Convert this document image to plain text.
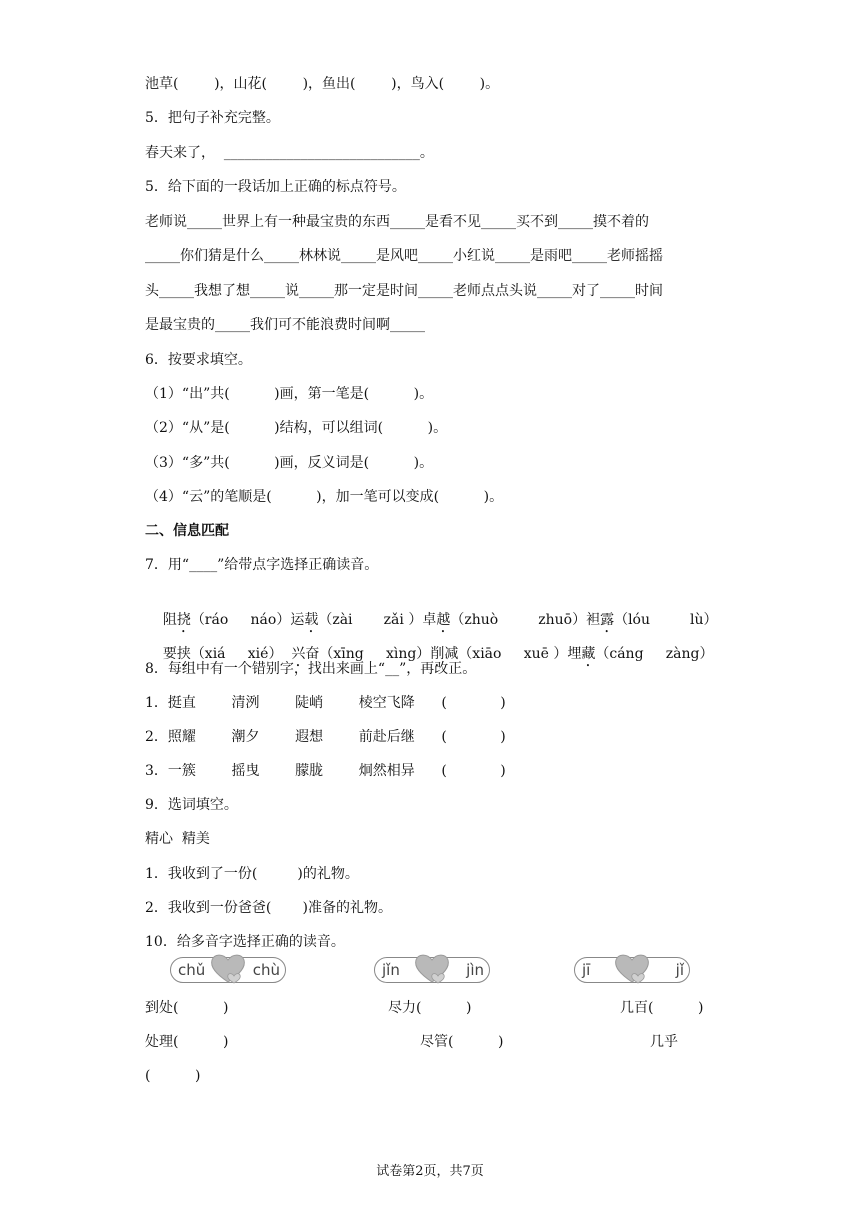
池草(        )，山花(        )，鱼出(        )，鸟入(        )。
5．把句子补充完整。
春天来了，  ____________________________。
5．给下面的一段话加上正确的标点符号。
老师说_____世界上有一种最宝贵的东西_____是看不见_____买不到_____摸不着的
_____你们猜是什么_____林林说_____是风吧_____小红说_____是雨吧_____老师摇摇
头_____我想了想_____说_____那一定是时间_____老师点点头说_____对了_____时间
是最宝贵的_____我们可不能浪费时间啊_____
6．按要求填空。
（1）“出”共(          )画，第一笔是(          )。
（2）“从”是(          )结构，可以组词(          )。
（3）“多”共(          )画，反义词是(          )。
（4）“云”的笔顺是(          )，加一笔可以变成(          )。
二、信息匹配
7．用“____”给带点字选择正确读音。

阻挠（ráo     náo）运载（zài       zǎi ）卓越（zhuò         zhuō）袒露（lóu         lù）

要挟（xiá     xié）  兴奋（xīng     xìng）削减（xiāo     xuē ）埋藏（cáng     zàng）

8．每组中有一个错别字，找出来画上“__”，再改正。
1．挺直        清洌        陡峭        棱空飞降      (            )
2．照耀        潮夕        遐想        前赴后继      (            )
3．一簇        摇曳        朦胧        炯然相异      (            )
9．选词填空。
精心  精美
1．我收到了一份(         )的礼物。
2．我收到一份爸爸(       )准备的礼物。
10．给多音字选择正确的读音。
chǔ	chù	jǐn	jìn	jī	jǐ
到处(          )	尽力(          )	几百(          )
处理(          )	尽管(          )	几乎
(          )
试卷第2页，共7页
